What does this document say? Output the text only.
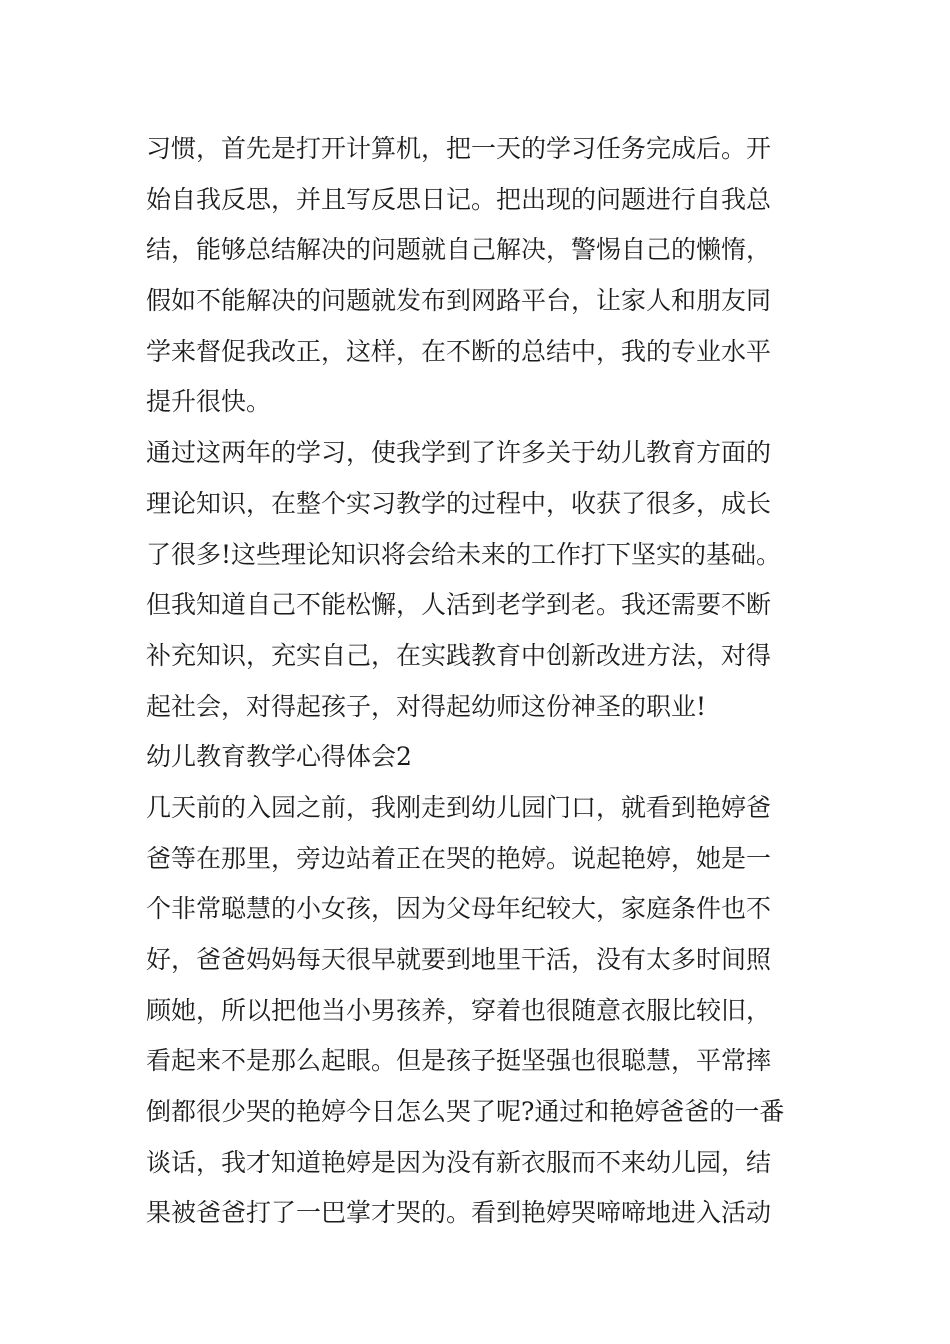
习惯，首先是打开计算机，把一天的学习任务完成后。开
始自我反思，并且写反思日记。把出现的问题进行自我总
结，能够总结解决的问题就自己解决，警惕自己的懒惰，
假如不能解决的问题就发布到网路平台，让家人和朋友同
学来督促我改正，这样，在不断的总结中，我的专业水平
提升很快。
通过这两年的学习，使我学到了许多关于幼儿教育方面的
理论知识，在整个实习教学的过程中，收获了很多，成长
了很多!这些理论知识将会给未来的工作打下坚实的基础。
但我知道自己不能松懈，人活到老学到老。我还需要不断
补充知识，充实自己，在实践教育中创新改进方法，对得
起社会，对得起孩子，对得起幼师这份神圣的职业!
幼儿教育教学心得体会2
几天前的入园之前，我刚走到幼儿园门口，就看到艳婷爸
爸等在那里，旁边站着正在哭的艳婷。说起艳婷，她是一
个非常聪慧的小女孩，因为父母年纪较大，家庭条件也不
好，爸爸妈妈每天很早就要到地里干活，没有太多时间照
顾她，所以把他当小男孩养，穿着也很随意衣服比较旧，
看起来不是那么起眼。但是孩子挺坚强也很聪慧，平常摔
倒都很少哭的艳婷今日怎么哭了呢?通过和艳婷爸爸的一番
谈话，我才知道艳婷是因为没有新衣服而不来幼儿园，结
果被爸爸打了一巴掌才哭的。看到艳婷哭啼啼地进入活动
